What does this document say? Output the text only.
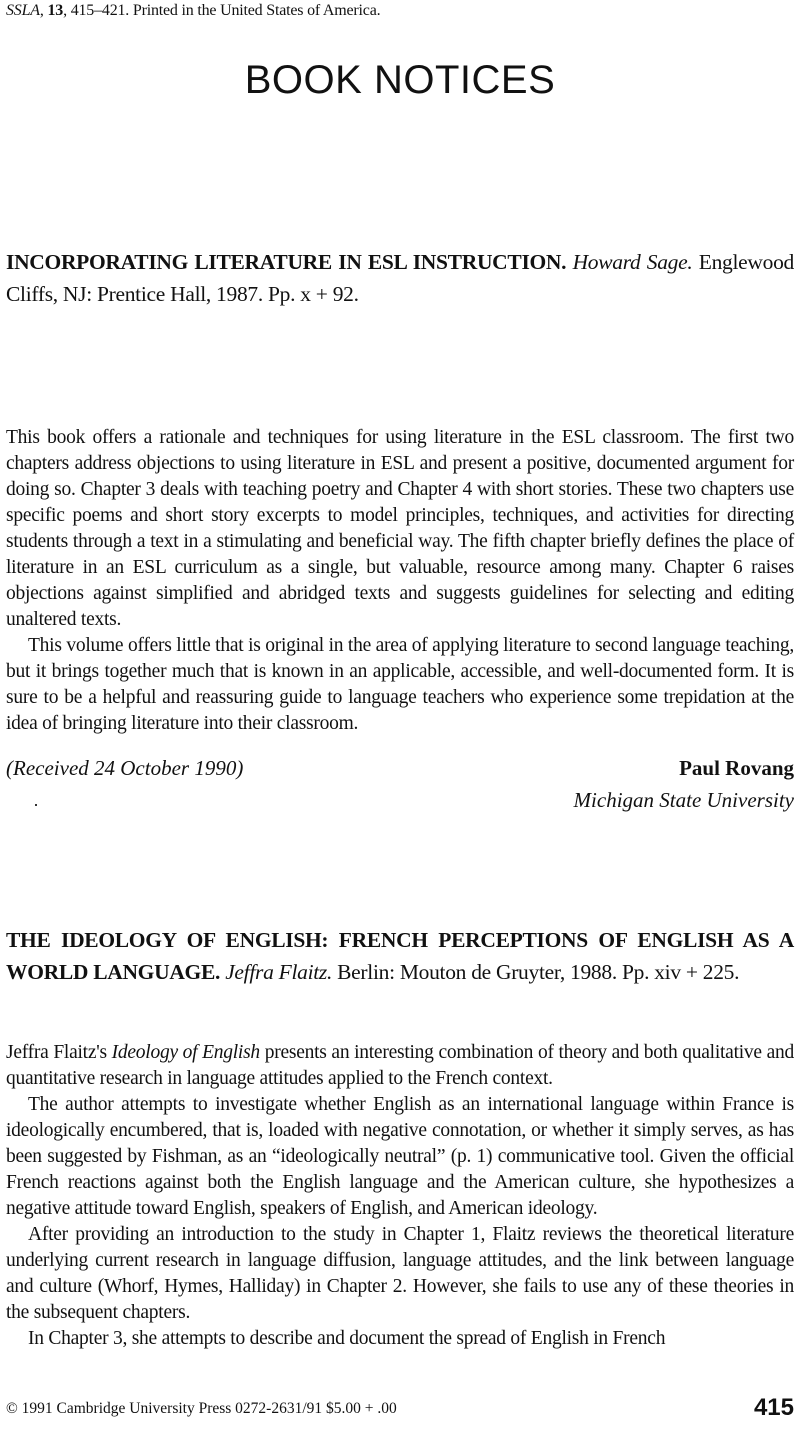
SSLA, 13, 415–421. Printed in the United States of America.
BOOK NOTICES
INCORPORATING LITERATURE IN ESL INSTRUCTION. Howard Sage. Englewood Cliffs, NJ: Prentice Hall, 1987. Pp. x + 92.

This book offers a rationale and techniques for using literature in the ESL classroom. The first two chapters address objections to using literature in ESL and present a positive, documented argument for doing so. Chapter 3 deals with teaching poetry and Chapter 4 with short stories. These two chapters use specific poems and short story excerpts to model principles, techniques, and activities for directing students through a text in a stimulating and beneficial way. The fifth chapter briefly defines the place of literature in an ESL curriculum as a single, but valuable, resource among many. Chapter 6 raises objections against simplified and abridged texts and suggests guidelines for selecting and editing unaltered texts.

This volume offers little that is original in the area of applying literature to second language teaching, but it brings together much that is known in an applicable, accessible, and well-documented form. It is sure to be a helpful and reassuring guide to language teachers who experience some trepidation at the idea of bringing literature into their classroom.

(Received 24 October 1990)	Paul Rovang
Michigan State University
THE IDEOLOGY OF ENGLISH: FRENCH PERCEPTIONS OF ENGLISH AS A WORLD LANGUAGE. Jeffra Flaitz. Berlin: Mouton de Gruyter, 1988. Pp. xiv + 225.

Jeffra Flaitz's Ideology of English presents an interesting combination of theory and both qualitative and quantitative research in language attitudes applied to the French context.

The author attempts to investigate whether English as an international language within France is ideologically encumbered, that is, loaded with negative connotation, or whether it simply serves, as has been suggested by Fishman, as an “ideologically neutral” (p. 1) communicative tool. Given the official French reactions against both the English language and the American culture, she hypothesizes a negative attitude toward English, speakers of English, and American ideology.

After providing an introduction to the study in Chapter 1, Flaitz reviews the theoretical literature underlying current research in language diffusion, language attitudes, and the link between language and culture (Whorf, Hymes, Halliday) in Chapter 2. However, she fails to use any of these theories in the subsequent chapters.

In Chapter 3, she attempts to describe and document the spread of English in French

© 1991 Cambridge University Press 0272-2631/91 $5.00 + .00	415
